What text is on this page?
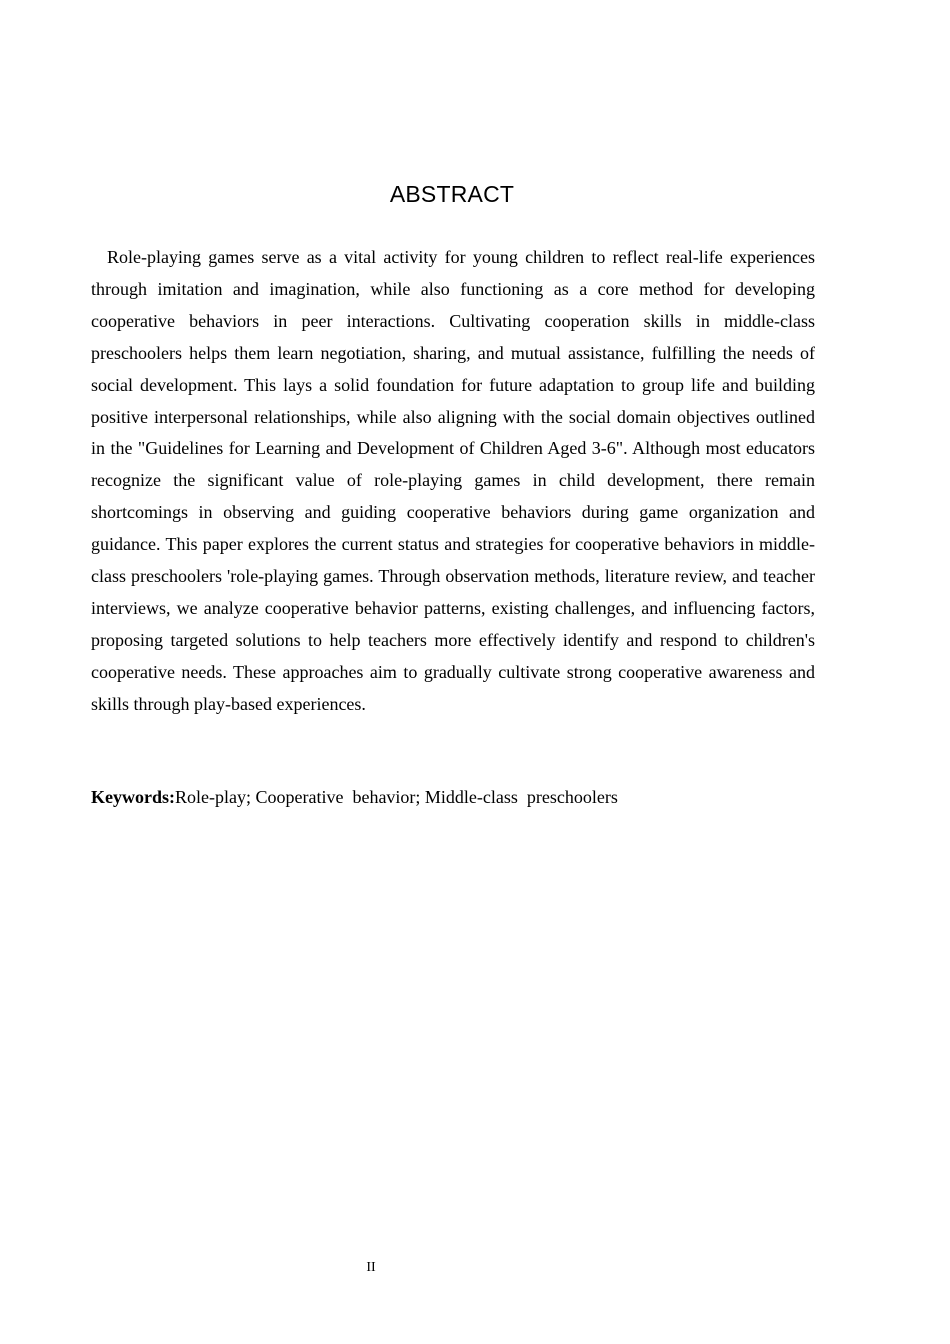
ABSTRACT

Role-playing games serve as a vital activity for young children to reflect real-life experiences through imitation and imagination, while also functioning as a core method for developing cooperative behaviors in peer interactions. Cultivating cooperation skills in middle-class preschoolers helps them learn negotiation, sharing, and mutual assistance, fulfilling the needs of social development. This lays a solid foundation for future adaptation to group life and building positive interpersonal relationships, while also aligning with the social domain objectives outlined in the "Guidelines for Learning and Development of Children Aged 3-6". Although most educators recognize the significant value of role-playing games in child development, there remain shortcomings in observing and guiding cooperative behaviors during game organization and guidance. This paper explores the current status and strategies for cooperative behaviors in middle-class preschoolers 'role-playing games. Through observation methods, literature review, and teacher interviews, we analyze cooperative behavior patterns, existing challenges, and influencing factors, proposing targeted solutions to help teachers more effectively identify and respond to children's cooperative needs. These approaches aim to gradually cultivate strong cooperative awareness and skills through play-based experiences.

Keywords:Role-play; Cooperative  behavior; Middle-class  preschoolers
II
